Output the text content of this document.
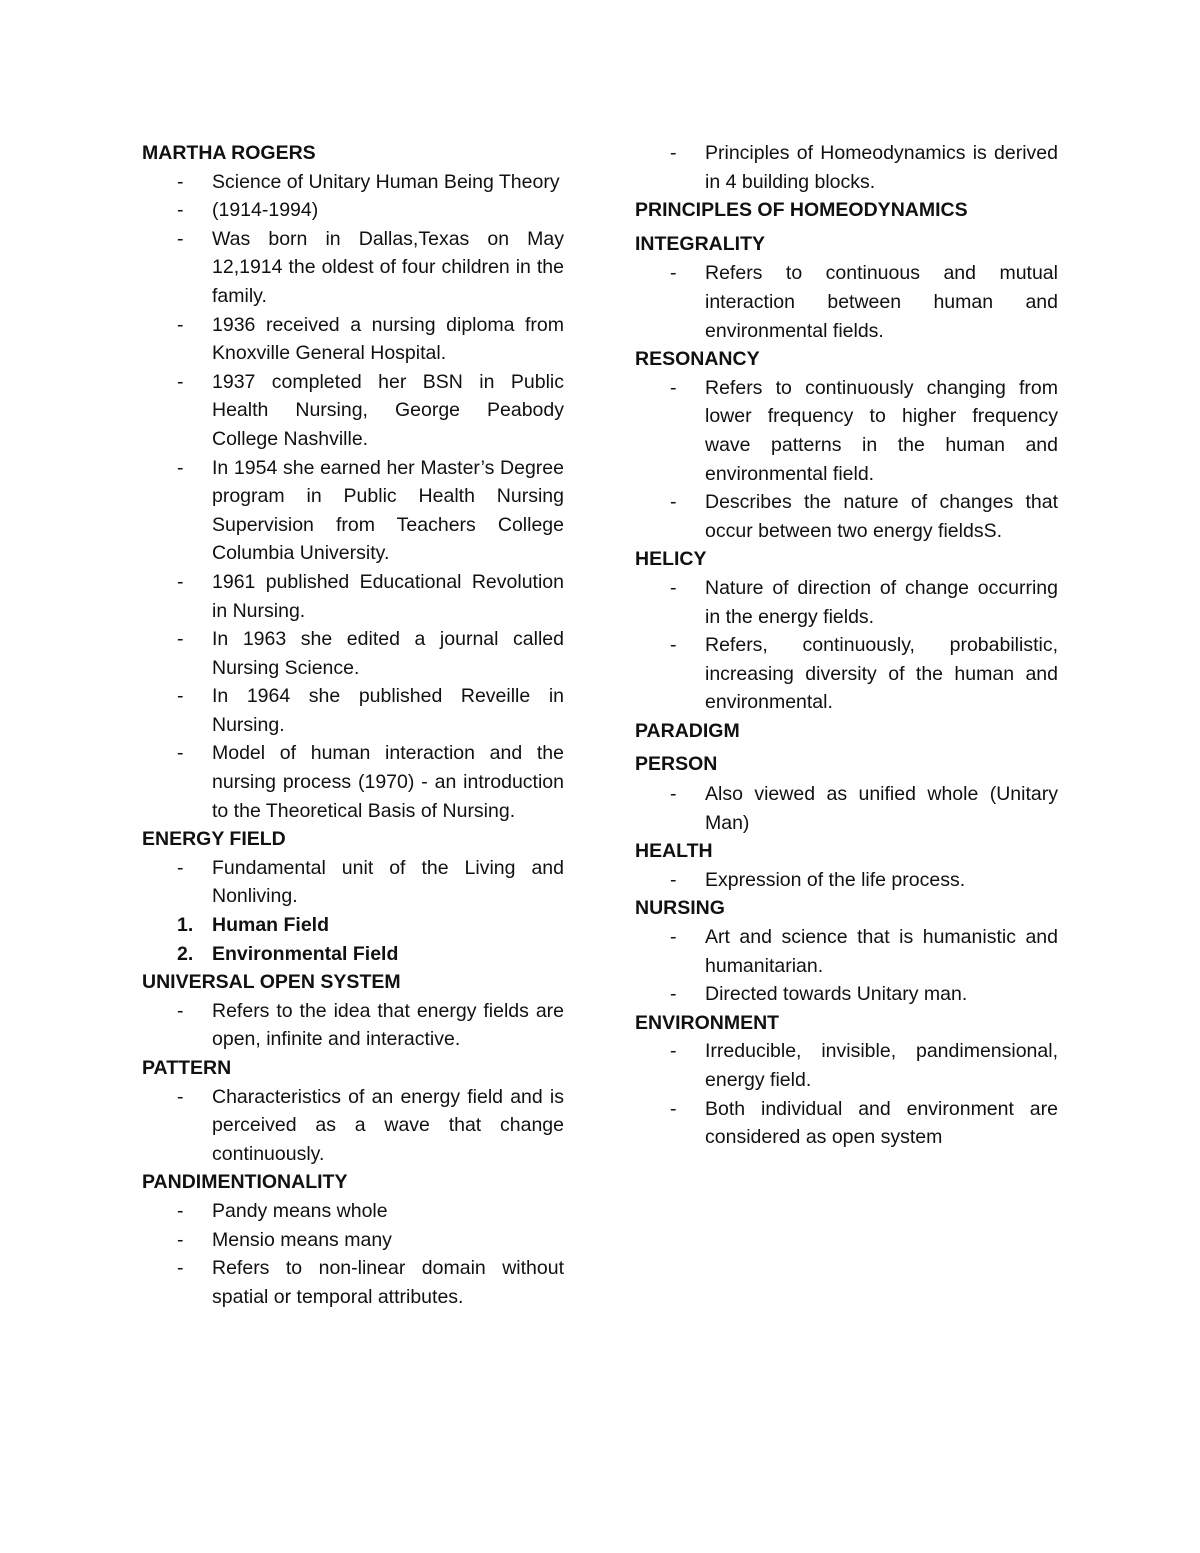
MARTHA ROGERS
- Science of Unitary Human Being Theory
- (1914-1994)
- Was born in Dallas,Texas on May 12,1914 the oldest of four children in the family.
- 1936 received a nursing diploma from Knoxville General Hospital.
- 1937 completed her BSN in Public Health Nursing, George Peabody College Nashville.
- In 1954 she earned her Master’s Degree program in Public Health Nursing Supervision from Teachers College Columbia University.
- 1961 published Educational Revolution in Nursing.
- In 1963 she edited a journal called Nursing Science.
- In 1964 she published Reveille in Nursing.
- Model of human interaction and the nursing process (1970) - an introduction to the Theoretical Basis of Nursing.
ENERGY FIELD
- Fundamental unit of the Living and Nonliving.
1. Human Field
2. Environmental Field
UNIVERSAL OPEN SYSTEM
- Refers to the idea that energy fields are open, infinite and interactive.
PATTERN
- Characteristics of an energy field and is perceived as a wave that change continuously.
PANDIMENTIONALITY
- Pandy means whole
- Mensio means many
- Refers to non-linear domain without spatial or temporal attributes.
- Principles of Homeodynamics is derived in 4 building blocks.
PRINCIPLES OF HOMEODYNAMICS
INTEGRALITY
- Refers to continuous and mutual interaction between human and environmental fields.
RESONANCY
- Refers to continuously changing from lower frequency to higher frequency wave patterns in the human and environmental field.
- Describes the nature of changes that occur between two energy fieldsS.
HELICY
- Nature of direction of change occurring in the energy fields.
- Refers, continuously, probabilistic, increasing diversity of the human and environmental.
PARADIGM
PERSON
- Also viewed as unified whole (Unitary Man)
HEALTH
- Expression of the life process.
NURSING
- Art and science that is humanistic and humanitarian.
- Directed towards Unitary man.
ENVIRONMENT
- Irreducible, invisible, pandimensional, energy field.
- Both individual and environment are considered as open system
